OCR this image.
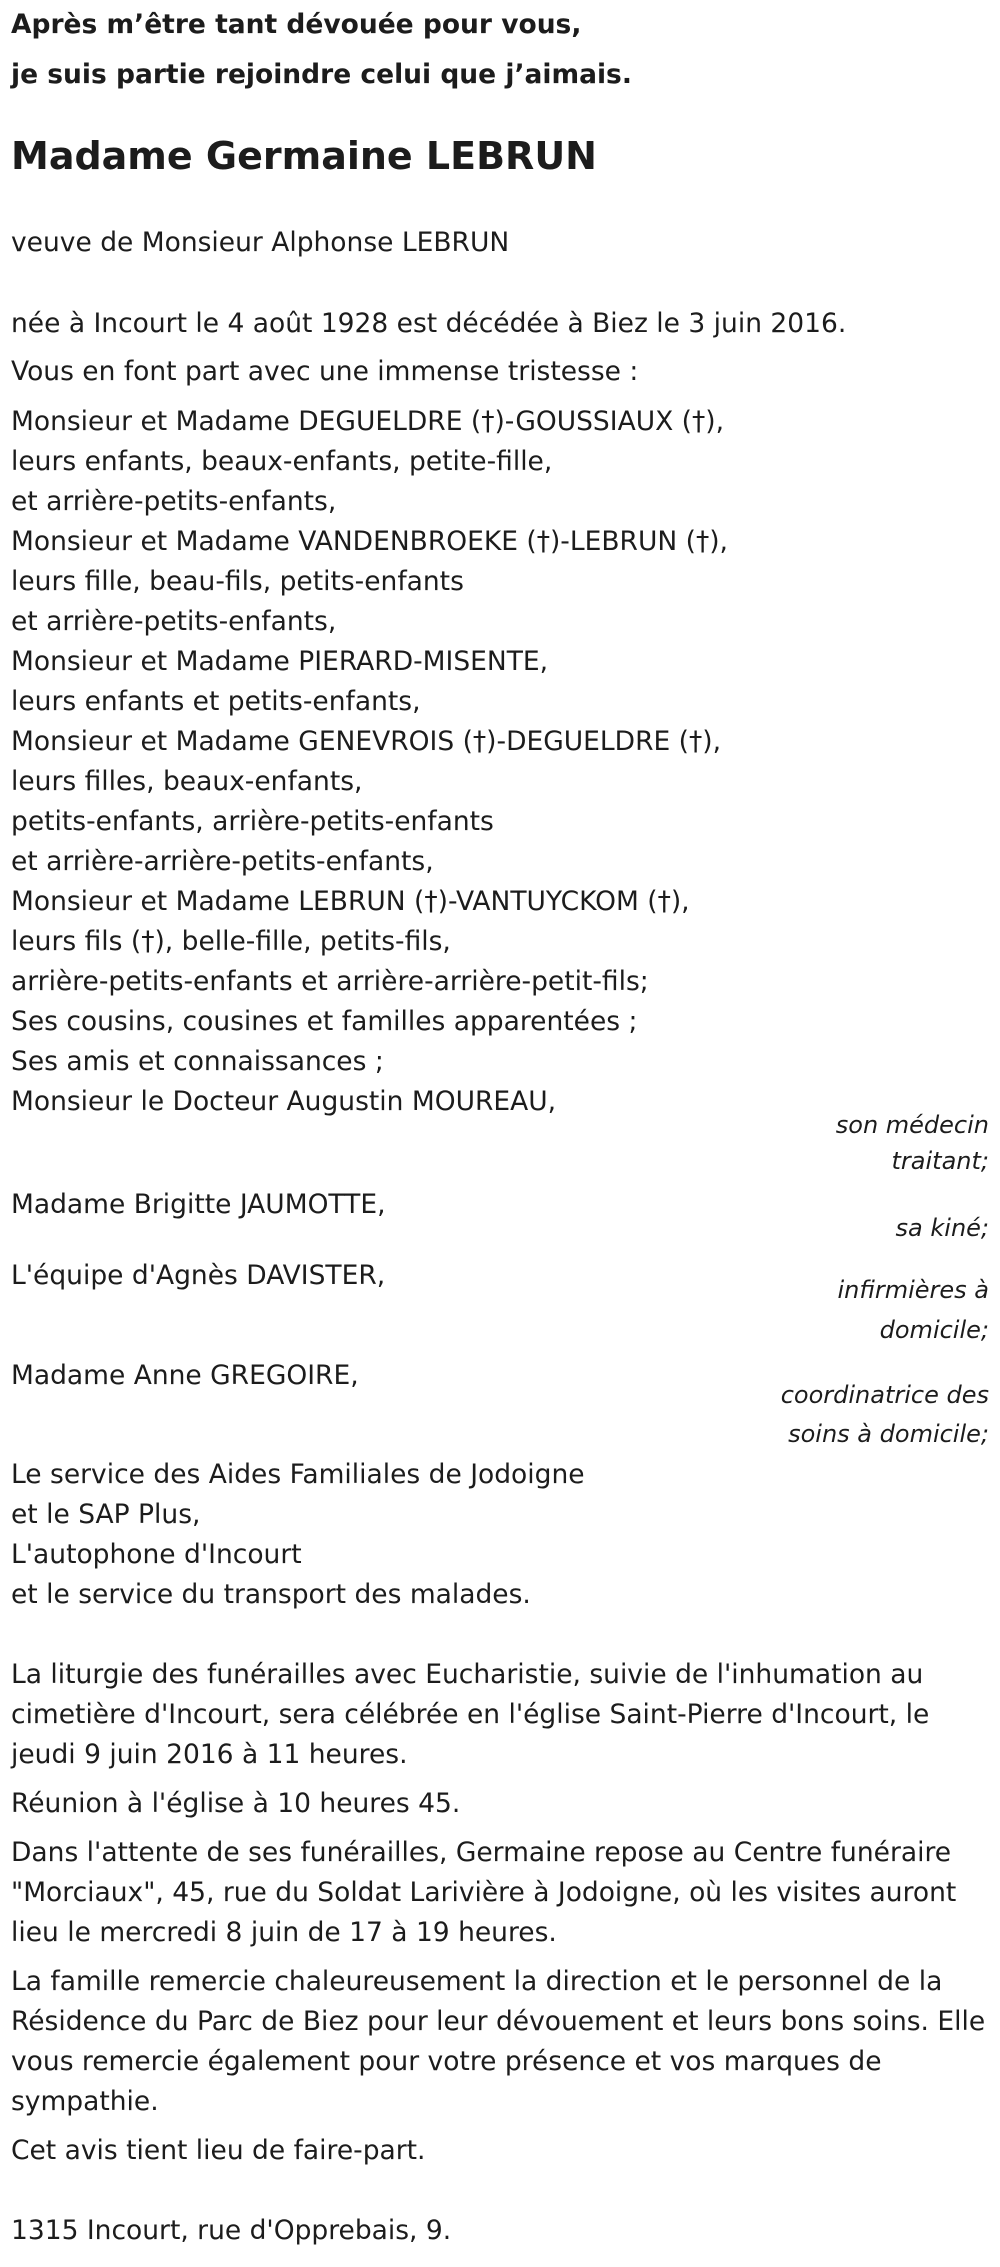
Après m’être tant dévouée pour vous,
je suis partie rejoindre celui que j’aimais.
Madame Germaine LEBRUN
veuve de Monsieur Alphonse LEBRUN
née à Incourt le 4 août 1928 est décédée à Biez le 3 juin 2016.
Vous en font part avec une immense tristesse :
Monsieur et Madame DEGUELDRE (†)-GOUSSIAUX (†),
leurs enfants, beaux-enfants, petite-fille,
et arrière-petits-enfants,
Monsieur et Madame VANDENBROEKE (†)-LEBRUN (†),
leurs fille, beau-fils, petits-enfants
et arrière-petits-enfants,
Monsieur et Madame PIERARD-MISENTE,
leurs enfants et petits-enfants,
Monsieur et Madame GENEVROIS (†)-DEGUELDRE (†),
leurs filles, beaux-enfants,
petits-enfants, arrière-petits-enfants
et arrière-arrière-petits-enfants,
Monsieur et Madame LEBRUN (†)-VANTUYCKOM (†),
leurs fils (†), belle-fille, petits-fils,
arrière-petits-enfants et arrière-arrière-petit-fils;
Ses cousins, cousines et familles apparentées ;
Ses amis et connaissances ;
Monsieur le Docteur Augustin MOUREAU,
son médecin
traitant;
Madame Brigitte JAUMOTTE,
sa kiné;
L'équipe d'Agnès DAVISTER,	infirmières à
domicile;
Madame Anne GREGOIRE,
coordinatrice des
soins à domicile;
Le service des Aides Familiales de Jodoigne
et le SAP Plus,
L'autophone d'Incourt
et le service du transport des malades.
La liturgie des funérailles avec Eucharistie, suivie de l'inhumation au
cimetière d'Incourt, sera célébrée en l'église Saint-Pierre d'Incourt, le
jeudi 9 juin 2016 à 11 heures.
Réunion à l'église à 10 heures 45.
Dans l'attente de ses funérailles, Germaine repose au Centre funéraire
"Morciaux", 45, rue du Soldat Larivière à Jodoigne, où les visites auront
lieu le mercredi 8 juin de 17 à 19 heures.
La famille remercie chaleureusement la direction et le personnel de la
Résidence du Parc de Biez pour leur dévouement et leurs bons soins. Elle
vous remercie également pour votre présence et vos marques de
sympathie.
Cet avis tient lieu de faire-part.
1315 Incourt, rue d'Opprebais, 9.
